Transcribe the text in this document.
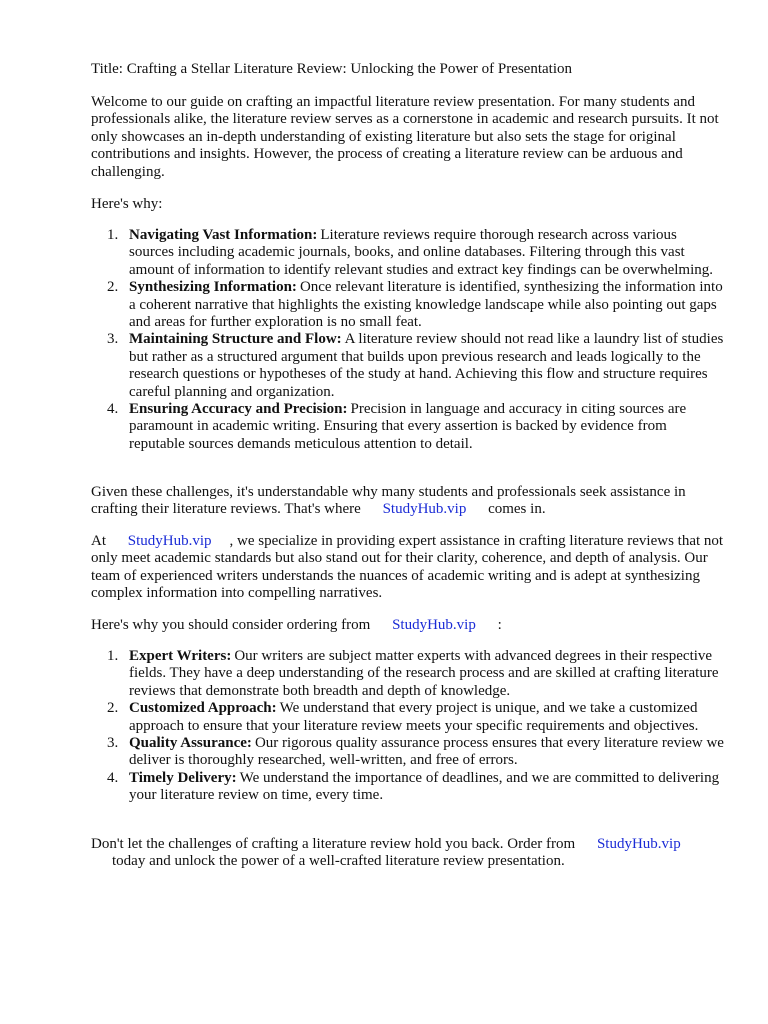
Title: Crafting a Stellar Literature Review: Unlocking the Power of Presentation

Welcome to our guide on crafting an impactful literature review presentation. For many students and professionals alike, the literature review serves as a cornerstone in academic and research pursuits. It not only showcases an in-depth understanding of existing literature but also sets the stage for original contributions and insights. However, the process of creating a literature review can be arduous and challenging.

Here's why:

1. Navigating Vast Information: Literature reviews require thorough research across various sources including academic journals, books, and online databases. Filtering through this vast amount of information to identify relevant studies and extract key findings can be overwhelming.
2. Synthesizing Information: Once relevant literature is identified, synthesizing the information into a coherent narrative that highlights the existing knowledge landscape while also pointing out gaps and areas for further exploration is no small feat.
3. Maintaining Structure and Flow: A literature review should not read like a laundry list of studies but rather as a structured argument that builds upon previous research and leads logically to the research questions or hypotheses of the study at hand. Achieving this flow and structure requires careful planning and organization.
4. Ensuring Accuracy and Precision: Precision in language and accuracy in citing sources are paramount in academic writing. Ensuring that every assertion is backed by evidence from reputable sources demands meticulous attention to detail.

Given these challenges, it's understandable why many students and professionals seek assistance in crafting their literature reviews. That's where StudyHub.vip comes in.

At StudyHub.vip , we specialize in providing expert assistance in crafting literature reviews that not only meet academic standards but also stand out for their clarity, coherence, and depth of analysis. Our team of experienced writers understands the nuances of academic writing and is adept at synthesizing complex information into compelling narratives.

Here's why you should consider ordering from StudyHub.vip :

1. Expert Writers: Our writers are subject matter experts with advanced degrees in their respective fields. They have a deep understanding of the research process and are skilled at crafting literature reviews that demonstrate both breadth and depth of knowledge.
2. Customized Approach: We understand that every project is unique, and we take a customized approach to ensure that your literature review meets your specific requirements and objectives.
3. Quality Assurance: Our rigorous quality assurance process ensures that every literature review we deliver is thoroughly researched, well-written, and free of errors.
4. Timely Delivery: We understand the importance of deadlines, and we are committed to delivering your literature review on time, every time.
Don't let the challenges of crafting a literature review hold you back. Order from StudyHub.vip
today and unlock the power of a well-crafted literature review presentation.
